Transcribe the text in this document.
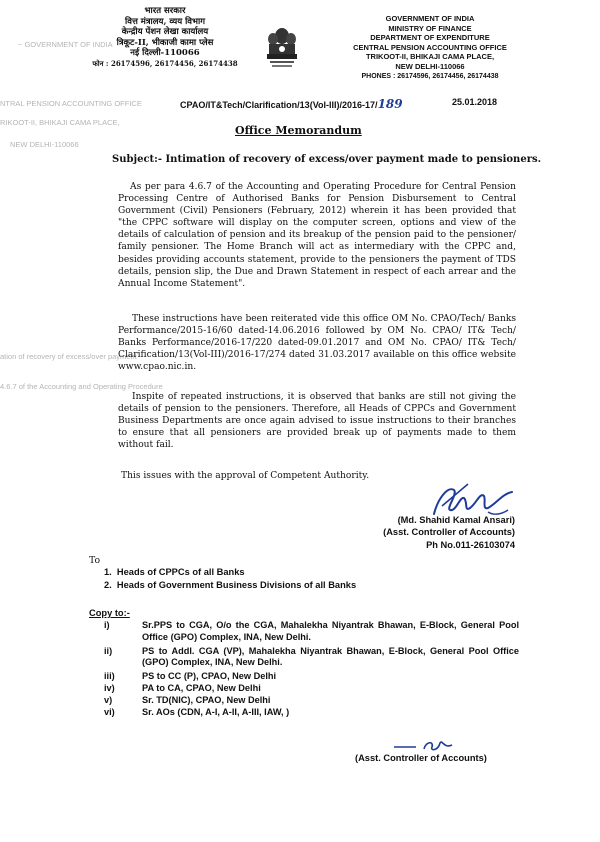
भारत सरकार
वित्त मंत्रालय, व्यय विभाग
केन्द्रीय पेंशन लेखा कार्यालय
त्रिकूट-II, भीकाजी कामा प्लेस
नई दिल्ली-110066
फोन : 26174596, 26174456, 26174438
GOVERNMENT OF INDIA
MINISTRY OF FINANCE
DEPARTMENT OF EXPENDITURE
CENTRAL PENSION ACCOUNTING OFFICE
TRIKOOT-II, BHIKAJI CAMA PLACE,
NEW DELHI-110066
PHONES : 26174596, 26174456, 26174438
~ GOVERNMENT OF INDIA
NTRAL PENSION ACCOUNTING OFFICE
RIKOOT-II, BHIKAJI CAMA PLACE,
NEW DELHI-110066
ation of recovery of excess/over payment
4.6.7 of the Accounting and Operating Procedure
CPAO/IT&Tech/Clarification/13(Vol-III)/2016-17/189	25.01.2018
Office Memorandum
Subject:- Intimation of recovery of excess/over payment made to pensioners.
As per para 4.6.7 of the Accounting and Operating Procedure for Central Pension Processing Centre of Authorised Banks for Pension Disbursement to Central Government (Civil) Pensioners (February, 2012) wherein it has been provided that "the CPPC software will display on the computer screen, options and view of the details of calculation of pension and its breakup of the pension paid to the pensioner/ family pensioner. The Home Branch will act as intermediary with the CPPC and, besides providing accounts statement, provide to the pensioners the payment of TDS details, pension slip, the Due and Drawn Statement in respect of each arrear and the Annual Income Statement".
These instructions have been reiterated vide this office OM No. CPAO/Tech/ Banks Performance/2015-16/60 dated-14.06.2016 followed by OM No. CPAO/ IT& Tech/ Banks Performance/2016-17/220 dated-09.01.2017 and OM No. CPAO/ IT& Tech/ Clarification/13(Vol-III)/2016-17/274 dated 31.03.2017 available on this office website www.cpao.nic.in.
Inspite of repeated instructions, it is observed that banks are still not giving the details of pension to the pensioners. Therefore, all Heads of CPPCs and Government Business Departments are once again advised to issue instructions to their branches to ensure that all pensioners are provided break up of payments made to them without fail.
This issues with the approval of Competent Authority.
(Md. Shahid Kamal Ansari)
(Asst. Controller of Accounts)
Ph No.011-26103074
To
1.  Heads of CPPCs of all Banks
2.  Heads of Government Business Divisions of all Banks
Copy to:-
i)	Sr.PPS to CGA, O/o the CGA, Mahalekha Niyantrak Bhawan, E-Block, General Pool Office (GPO) Complex, INA, New Delhi.
ii)	PS to Addl. CGA (VP), Mahalekha Niyantrak Bhawan, E-Block, General Pool Office (GPO) Complex, INA, New Delhi.
iii)	PS to CC (P), CPAO, New Delhi
iv)	PA to CA, CPAO, New Delhi
v)	Sr. TD(NIC), CPAO, New Delhi
vi)	Sr. AOs (CDN, A-I, A-II, A-III, IAW, )
(Asst. Controller of Accounts)
